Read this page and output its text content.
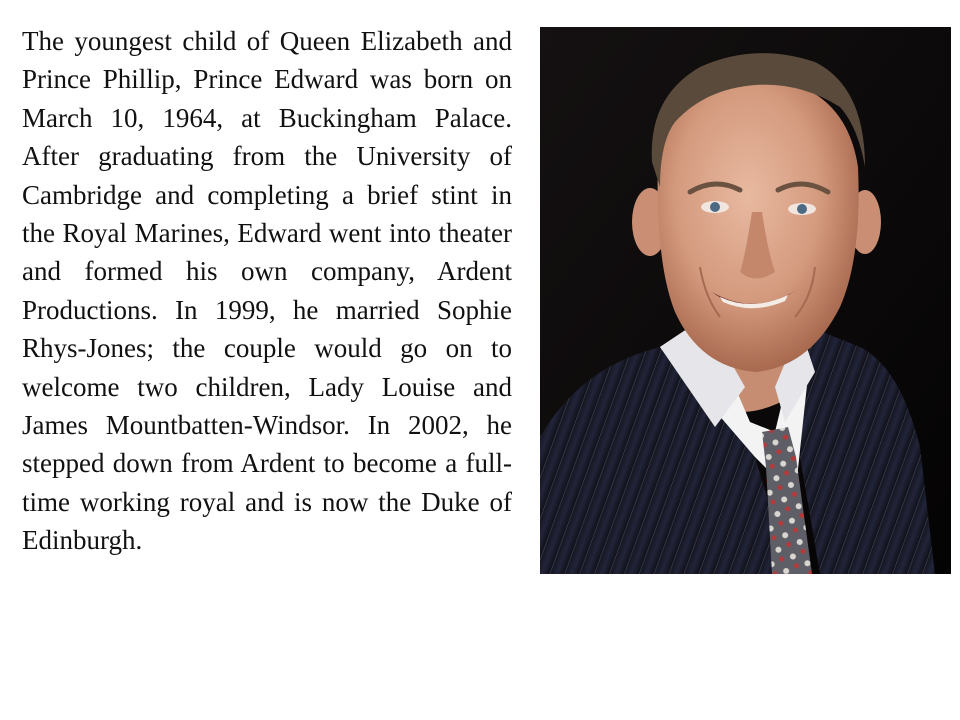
The youngest child of Queen Elizabeth and Prince Phillip, Prince Edward was born on March 10, 1964, at Buckingham Palace. After graduating from the University of Cambridge and completing a brief stint in the Royal Marines, Edward went into theater and formed his own company, Ardent Productions. In 1999, he married Sophie Rhys-Jones; the couple would go on to welcome two children, Lady Louise and James Mountbatten-Windsor. In 2002, he stepped down from Ardent to become a full-time working royal and is now the Duke of Edinburgh.
